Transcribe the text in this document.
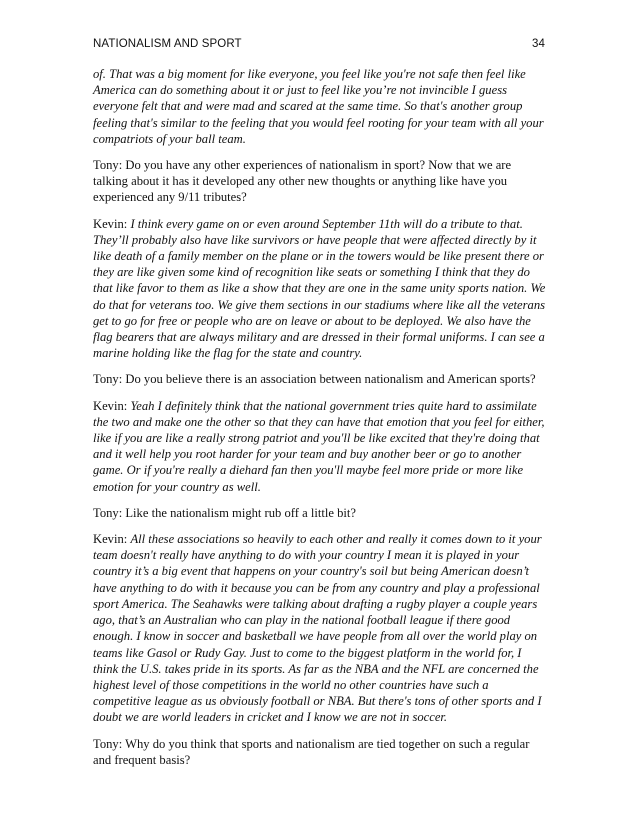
NATIONALISM AND SPORT	34

of. That was a big moment for like everyone, you feel like you're not safe then feel like America can do something about it or just to feel like you’re not invincible I guess everyone felt that and were mad and scared at the same time. So that's another group feeling that's similar to the feeling that you would feel rooting for your team with all your compatriots of your ball team.

Tony: Do you have any other experiences of nationalism in sport? Now that we are talking about it has it developed any other new thoughts or anything like have you experienced any 9/11 tributes?

Kevin: I think every game on or even around September 11th will do a tribute to that. They’ll probably also have like survivors or have people that were affected directly by it like death of a family member on the plane or in the towers would be like present there or they are like given some kind of recognition like seats or something I think that they do that like favor to them as like a show that they are one in the same unity sports nation. We do that for veterans too. We give them sections in our stadiums where like all the veterans get to go for free or people who are on leave or about to be deployed. We also have the flag bearers that are always military and are dressed in their formal uniforms. I can see a marine holding like the flag for the state and country.

Tony: Do you believe there is an association between nationalism and American sports?

Kevin: Yeah I definitely think that the national government tries quite hard to assimilate the two and make one the other so that they can have that emotion that you feel for either, like if you are like a really strong patriot and you'll be like excited that they're doing that and it well help you root harder for your team and buy another beer or go to another game. Or if you're really a diehard fan then you'll maybe feel more pride or more like emotion for your country as well.

Tony: Like the nationalism might rub off a little bit?

Kevin: All these associations so heavily to each other and really it comes down to it your team doesn't really have anything to do with your country I mean it is played in your country it’s a big event that happens on your country's soil but being American doesn’t have anything to do with it because you can be from any country and play a professional sport America. The Seahawks were talking about drafting a rugby player a couple years ago, that’s an Australian who can play in the national football league if there good enough. I know in soccer and basketball we have people from all over the world play on teams like Gasol or Rudy Gay. Just to come to the biggest platform in the world for, I think the U.S. takes pride in its sports. As far as the NBA and the NFL are concerned the highest level of those competitions in the world no other countries have such a competitive league as us obviously football or NBA. But there's tons of other sports and I doubt we are world leaders in cricket and I know we are not in soccer.

Tony: Why do you think that sports and nationalism are tied together on such a regular and frequent basis?
